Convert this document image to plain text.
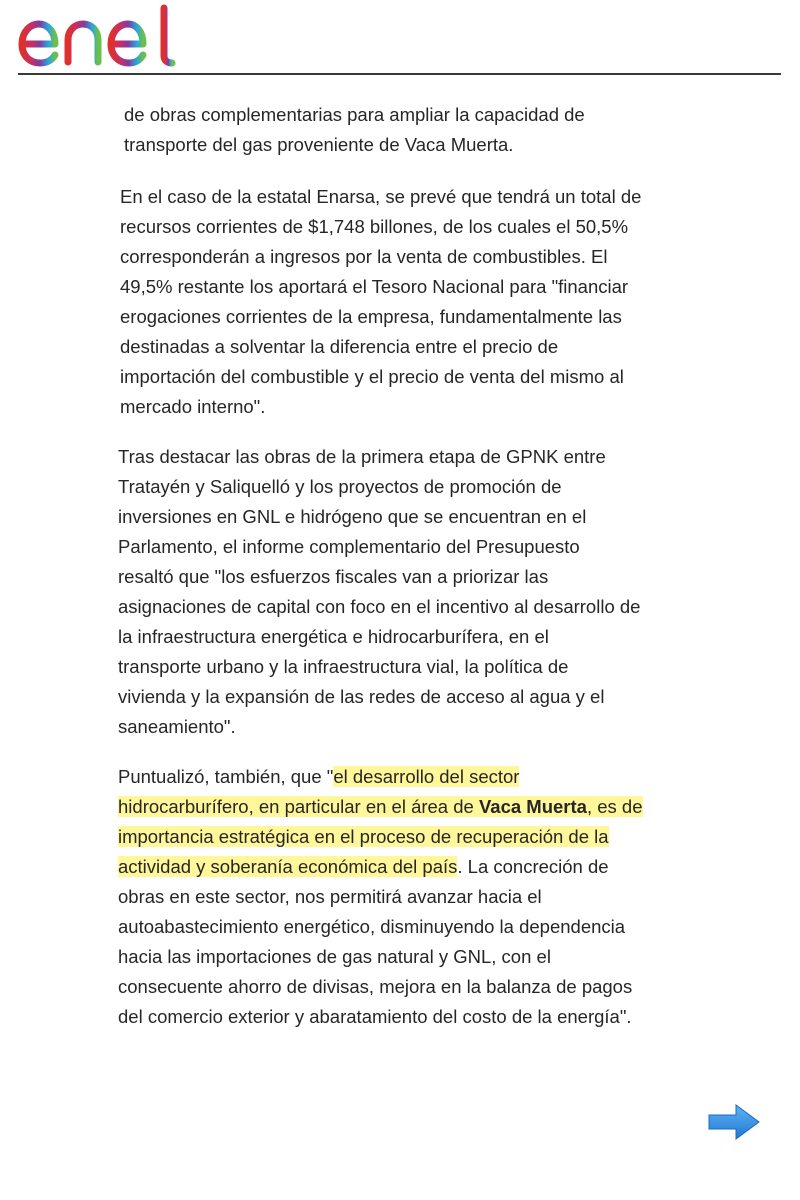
de obras complementarias para ampliar la capacidad de
transporte del gas proveniente de Vaca Muerta.

En el caso de la estatal Enarsa, se prevé que tendrá un total de
recursos corrientes de $1,748 billones, de los cuales el 50,5%
corresponderán a ingresos por la venta de combustibles. El
49,5% restante los aportará el Tesoro Nacional para "financiar
erogaciones corrientes de la empresa, fundamentalmente las
destinadas a solventar la diferencia entre el precio de
importación del combustible y el precio de venta del mismo al
mercado interno".

Tras destacar las obras de la primera etapa de GPNK entre
Tratayén y Saliquelló y los proyectos de promoción de
inversiones en GNL e hidrógeno que se encuentran en el
Parlamento, el informe complementario del Presupuesto
resaltó que "los esfuerzos fiscales van a priorizar las
asignaciones de capital con foco en el incentivo al desarrollo de
la infraestructura energética e hidrocarburífera, en el
transporte urbano y la infraestructura vial, la política de
vivienda y la expansión de las redes de acceso al agua y el
saneamiento".

Puntualizó, también, que "el desarrollo del sector
hidrocarburífero, en particular en el área de Vaca Muerta, es de
importancia estratégica en el proceso de recuperación de la
actividad y soberanía económica del país. La concreción de
obras en este sector, nos permitirá avanzar hacia el
autoabastecimiento energético, disminuyendo la dependencia
hacia las importaciones de gas natural y GNL, con el
consecuente ahorro de divisas, mejora en la balanza de pagos
del comercio exterior y abaratamiento del costo de la energía".
